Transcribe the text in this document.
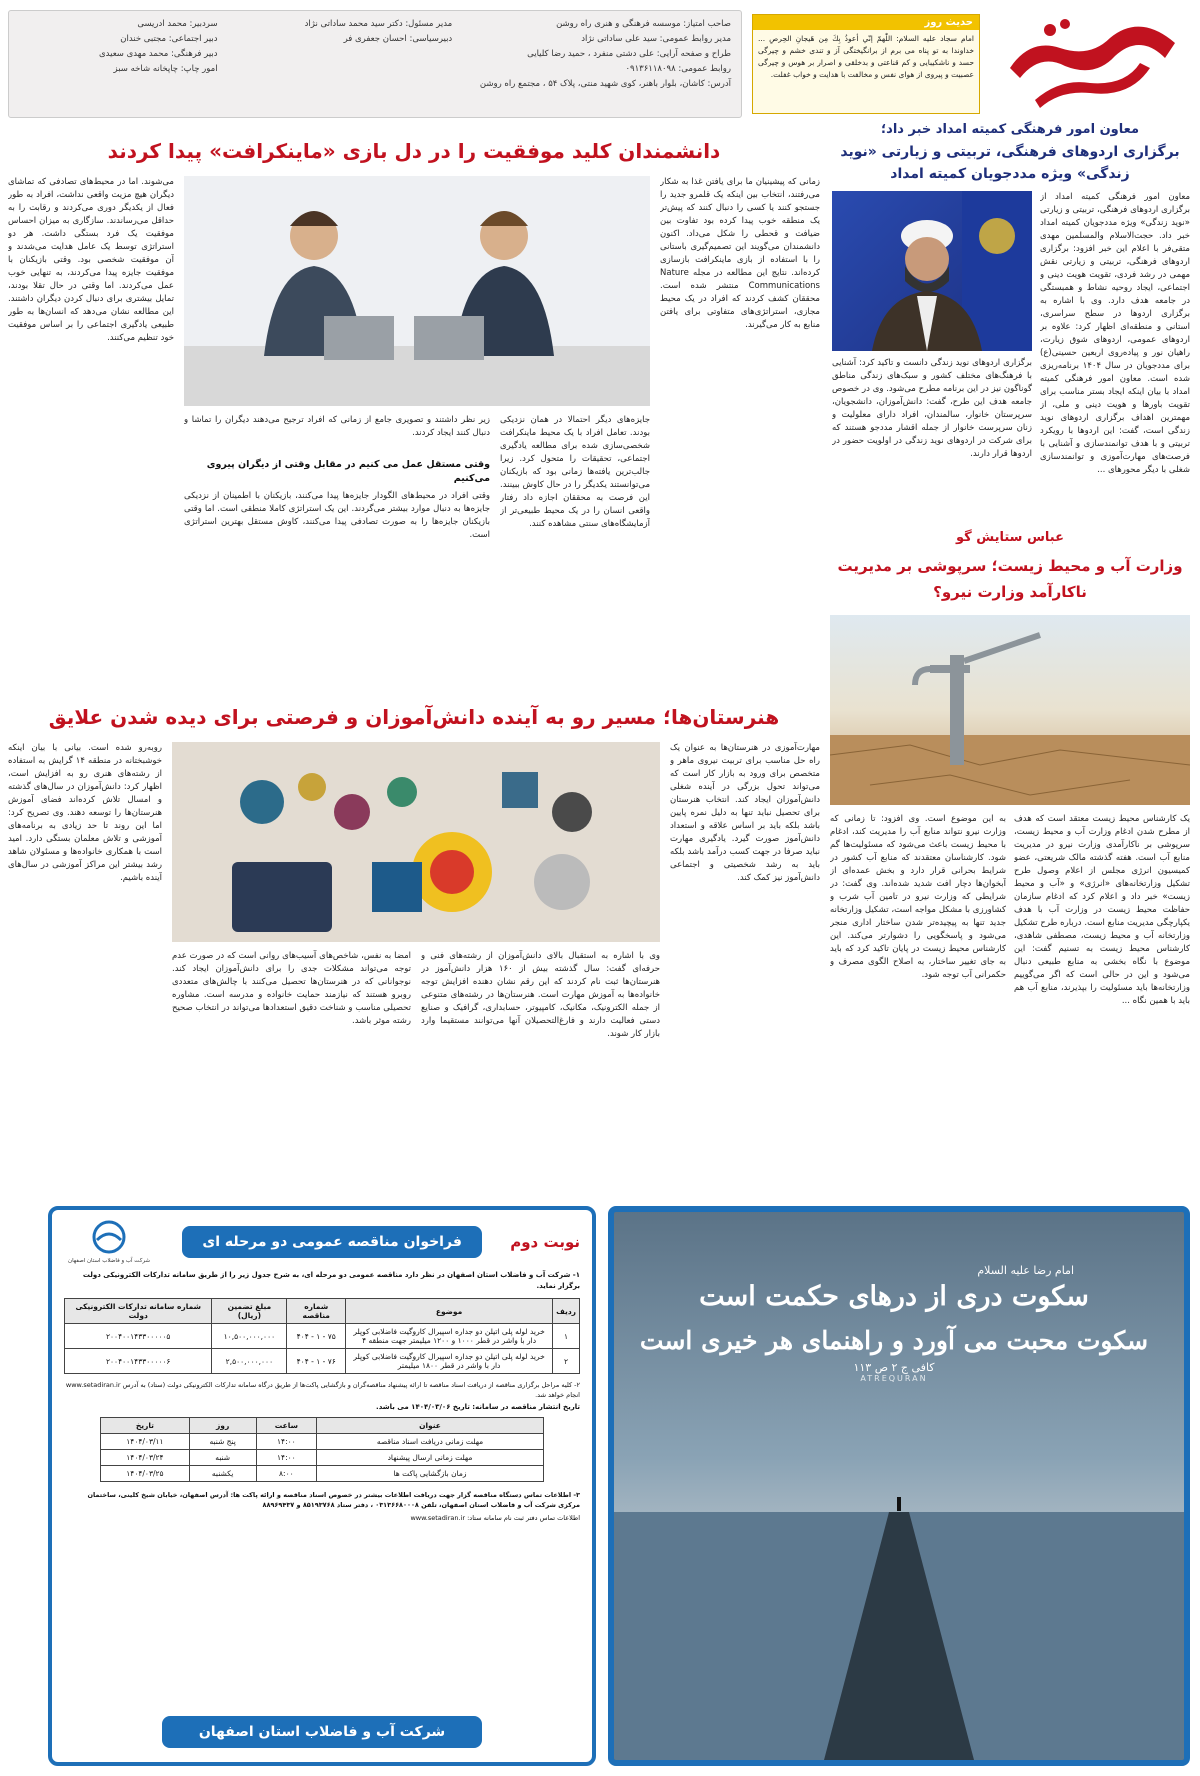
حدیث روز
امام سجاد علیه السلام: اللّٰهمّ إنّي أعوذُ بِكَ مِن هَيجانِ الحِرصِ ... خداوندا به تو پناه می برم از برانگیختگی آز و تندی خشم و چیرگی حسد و ناشکیبایی و کم قناعتی و بدخلقی و اصرار بر هوس و چیرگی عصبیت و پیروی از هوای نفس و مخالفت با هدایت و خواب غفلت.
صاحب امتیاز: موسسه فرهنگی و هنری راه روشن
مدیر روابط عمومی: سید علی ساداتی نژاد
طراح و صفحه آرایی: علی دشتی منفرد ، حمید رضا کلیایی
روابط عمومی: ۰۹۱۳۶۱۱۸۰۹۸
آدرس: کاشان، بلوار باهنر، کوی شهید منتی، پلاک ۵۴ ، مجتمع راه روشن
مدیر مسئول: دکتر سید محمد ساداتی نژاد
دبیرسیاسی: احسان جعفری فر
سردبیر: محمد ادریسی
دبیر اجتماعی: مجتبی خندان
دبیر فرهنگی: محمد مهدی سعیدی
امور چاپ: چاپخانه شاخه سبز
معاون امور فرهنگی کمیته امداد خبر داد؛
برگزاری اردوهای فرهنگی، تربیتی و زیارتی «نوید زندگی» ویژه مددجویان کمیته امداد
معاون امور فرهنگی کمیته امداد از برگزاری اردوهای فرهنگی، تربیتی و زیارتی «نوید زندگی» ویژه مددجویان کمیته امداد خبر داد. حجت‌الاسلام والمسلمین مهدی متقی‌فر با اعلام این خبر افزود: برگزاری اردوهای فرهنگی، تربیتی و زیارتی نقش مهمی در رشد فردی، تقویت هویت دینی و اجتماعی، ایجاد روحیه نشاط و همبستگی در جامعه هدف دارد. وی با اشاره به برگزاری اردوها در سطح سراسری، استانی و منطقه‌ای اظهار کرد: علاوه بر اردوهای عمومی، اردوهای شوق زیارت، راهیان نور و پیاده‌روی اربعین حسینی(ع) برای مددجویان در سال ۱۴۰۴ برنامه‌ریزی شده است. معاون امور فرهنگی کمیته امداد با بیان اینکه ایجاد بستر مناسب برای تقویت باورها و هویت دینی و ملی، از مهمترین اهداف برگزاری اردوهای نوید زندگی است، گفت: این اردوها با رویکرد تربیتی و با هدف توانمندسازی و آشنایی با فرصت‌های مهارت‌آموزی و توانمندسازی شغلی با دیگر محورهای ...
برگزاری اردوهای نوید زندگی دانست و تاکید کرد: آشنایی با فرهنگ‌های مختلف کشور و سبک‌های زندگی مناطق گوناگون نیز در این برنامه مطرح می‌شود. وی در خصوص جامعه هدف این طرح، گفت: دانش‌آموزان، دانشجویان، سرپرستان خانوار، سالمندان، افراد دارای معلولیت و زنان سرپرست خانوار از جمله اقشار مددجو هستند که برای شرکت در اردوهای نوید زندگی در اولویت حضور در اردوها قرار دارند.
عباس ستایش گو
وزارت آب و محیط زیست؛ سرپوشی بر مدیریت ناکارآمد وزارت نیرو؟
یک کارشناس محیط زیست معتقد است که هدف از مطرح شدن ادغام وزارت آب و محیط زیست، سرپوشی بر ناکارآمدی وزارت نیرو در مدیریت منابع آب است. هفته گذشته مالک شریعتی، عضو کمیسیون انرژی مجلس از اعلام وصول طرح تشکیل وزارتخانه‌های «انرژی» و «آب و محیط زیست» خبر داد و اعلام کرد که ادغام سازمان حفاظت محیط زیست در وزارت آب با هدف یکپارچگی مدیریت منابع است. درباره طرح تشکیل وزارتخانه آب و محیط زیست، مصطفی شاهدی، کارشناس محیط زیست به تسنیم گفت: این موضوع با نگاه بخشی به منابع طبیعی دنبال می‌شود و این در حالی است که اگر می‌گوییم وزارتخانه‌ها باید مسئولیت را بپذیرند، منابع آب هم باید با همین نگاه ...
به این موضوع است. وی افزود: تا زمانی که وزارت نیرو نتواند منابع آب را مدیریت کند، ادغام با محیط زیست باعث می‌شود که مسئولیت‌ها گم شود. کارشناسان معتقدند که منابع آب کشور در شرایط بحرانی قرار دارد و بخش عمده‌ای از آبخوان‌ها دچار افت شدید شده‌اند. وی گفت: در شرایطی که وزارت نیرو در تامین آب شرب و کشاورزی با مشکل مواجه است، تشکیل وزارتخانه جدید تنها به پیچیده‌تر شدن ساختار اداری منجر می‌شود و پاسخگویی را دشوارتر می‌کند. این کارشناس محیط زیست در پایان تاکید کرد که باید به جای تغییر ساختار، به اصلاح الگوی مصرف و حکمرانی آب توجه شود.
دانشمندان کلید موفقیت را در دل بازی «ماینکرافت» پیدا کردند
زمانی که پیشینیان ما برای یافتن غذا به شکار می‌رفتند، انتخاب بین اینکه یک قلمرو جدید را جستجو کنند یا کسی را دنبال کنند که پیش‌تر یک منطقه خوب پیدا کرده بود تفاوت بین ضیافت و قحطی را شکل می‌داد. اکنون دانشمندان می‌گویند این تصمیم‌گیری باستانی را با استفاده از بازی ماینکرافت بازسازی کرده‌اند. نتایج این مطالعه در مجله Nature Communications منتشر شده است. محققان کشف کردند که افراد در یک محیط مجازی، استراتژی‌های متفاوتی برای یافتن منابع به کار می‌گیرند.
جایزه‌های دیگر احتمالا در همان نزدیکی بودند. تعامل افراد با یک محیط ماینکرافت شخصی‌سازی شده برای مطالعه یادگیری اجتماعی، تحقیقات را متحول کرد. زیرا جالب‌ترین یافته‌ها زمانی بود که بازیکنان می‌توانستند یکدیگر را در حال کاوش ببینند. این فرصت به محققان اجازه داد رفتار واقعی انسان را در یک محیط طبیعی‌تر از آزمایشگاه‌های سنتی مشاهده کنند.
زیر نظر داشتند و تصویری جامع از زمانی که افراد ترجیح می‌دهند دیگران را تماشا و دنبال کنند ایجاد کردند.
وقتی مستقل عمل می کنیم در مقابل وقتی از دیگران پیروی می‌کنیم
وقتی افراد در محیط‌های الگودار جایزه‌ها پیدا می‌کنند، بازیکنان با اطمینان از نزدیکی جایزه‌ها به دنبال موارد بیشتر می‌گردند. این یک استراتژی کاملا منطقی است. اما وقتی بازیکنان جایزه‌ها را به صورت تصادفی پیدا می‌کنند، کاوش مستقل بهترین استراتژی است.
می‌شوند. اما در محیط‌های تصادفی که تماشای دیگران هیچ مزیت واقعی نداشت، افراد به طور فعال از یکدیگر دوری می‌کردند و رقابت را به حداقل می‌رساندند. سازگاری به میزان احساس موفقیت یک فرد بستگی داشت. هر دو استراتژی توسط یک عامل هدایت می‌شدند و آن موفقیت شخصی بود. وقتی بازیکنان با موفقیت جایزه پیدا می‌کردند، به تنهایی خوب عمل می‌کردند. اما وقتی در حال تقلا بودند، تمایل بیشتری برای دنبال کردن دیگران داشتند. این مطالعه نشان می‌دهد که انسان‌ها به طور طبیعی یادگیری اجتماعی را بر اساس موفقیت خود تنظیم می‌کنند.
هنرستان‌ها؛ مسیر رو به آینده دانش‌آموزان و فرصتی برای دیده شدن علایق
مهارت‌آموزی در هنرستان‌ها به عنوان یک راه حل مناسب برای تربیت نیروی ماهر و متخصص برای ورود به بازار کار است که می‌تواند تحول بزرگی در آینده شغلی دانش‌آموزان ایجاد کند. انتخاب هنرستان برای تحصیل نباید تنها به دلیل نمره پایین باشد بلکه باید بر اساس علاقه و استعداد دانش‌آموز صورت گیرد. یادگیری مهارت نباید صرفا در جهت کسب درآمد باشد بلکه باید به رشد شخصیتی و اجتماعی دانش‌آموز نیز کمک کند.
وی با اشاره به استقبال بالای دانش‌آموزان از رشته‌های فنی و حرفه‌ای گفت: سال گذشته بیش از ۱۶۰ هزار دانش‌آموز در هنرستان‌ها ثبت نام کردند که این رقم نشان دهنده افزایش توجه خانواده‌ها به آموزش مهارت است. هنرستان‌ها در رشته‌های متنوعی از جمله الکترونیک، مکانیک، کامپیوتر، حسابداری، گرافیک و صنایع دستی فعالیت دارند و فارغ‌التحصیلان آنها می‌توانند مستقیما وارد بازار کار شوند.
امضا به نفس، شاخص‌های آسیب‌های روانی است که در صورت عدم توجه می‌تواند مشکلات جدی را برای دانش‌آموزان ایجاد کند. نوجوانانی که در هنرستان‌ها تحصیل می‌کنند با چالش‌های متعددی روبرو هستند که نیازمند حمایت خانواده و مدرسه است. مشاوره تحصیلی مناسب و شناخت دقیق استعدادها می‌تواند در انتخاب صحیح رشته موثر باشد.
روبه‌رو شده است. بیانی با بیان اینکه خوشبختانه در منطقه ۱۴ گرایش به استفاده از رشته‌های هنری رو به افزایش است، اظهار کرد: دانش‌آموزان در سال‌های گذشته و امسال تلاش کرده‌اند فضای آموزش هنرستان‌ها را توسعه دهند. وی تصریح کرد: اما این روند تا حد زیادی به برنامه‌های آموزشی و تلاش معلمان بستگی دارد. امید است با همکاری خانواده‌ها و مسئولان شاهد رشد بیشتر این مراکز آموزشی در سال‌های آینده باشیم.
امام رضا علیه السلام
سکوت دری از درهای حکمت است
سکوت محبت می آورد و راهنمای هر خیری است
کافی ج ۲ ص ۱۱۳
ATREQURAN
نوبت دوم
فراخوان مناقصه عمومی دو مرحله ای
شرکت آب و فاضلاب استان اصفهان
۱- شرکت آب و فاضلاب استان اصفهان در نظر دارد مناقصه عمومی دو مرحله ای، به شرح جدول زیر را از طریق سامانه تدارکات الکترونیکی دولت برگزار نماید.
ردیف	موضوع	شماره مناقصه	مبلغ تضمین (ریال)	شماره سامانه تدارکات الکترونیکی دولت
۱	خرید لوله پلی اتیلن دو جداره اسپیرال کاروگیت فاضلابی کوپلر دار با واشر در قطر ۱۰۰۰ و ۱۲۰۰ میلیمتر جهت منطقه ۴	۷۵ - ۱ - ۴۰۴	۱۰,۵۰۰,۰۰۰,۰۰۰	۲۰۰۴۰۰۱۴۳۳۰۰۰۰۰۵
۲	خرید لوله پلی اتیلن دو جداره اسپیرال کاروگیت فاضلابی کوپلر دار با واشر در قطر ۱۸۰۰ میلیمتر	۷۶ - ۱ - ۴۰۴	۲,۵۰۰,۰۰۰,۰۰۰	۲۰۰۴۰۰۱۴۳۳۰۰۰۰۰۶
۲- کلیه مراحل برگزاری مناقصه از دریافت اسناد مناقصه تا ارائه پیشنهاد مناقصه‌گران و بازگشایی پاکت‌ها از طریق درگاه سامانه تدارکات الکترونیکی دولت (ستاد) به آدرس www.setadiran.ir انجام خواهد شد.
تاریخ انتشار مناقصه در سامانه: تاریخ ۱۴۰۴/۰۳/۰۶ می باشد.
عنوان	ساعت	روز	تاریخ
مهلت زمانی دریافت اسناد مناقصه	۱۴:۰۰	پنج شنبه	۱۴۰۴/۰۳/۱۱
مهلت زمانی ارسال پیشنهاد	۱۴:۰۰	شنبه	۱۴۰۴/۰۳/۲۴
زمان بازگشایی پاکت ها	۸:۰۰	یکشنبه	۱۴۰۴/۰۳/۲۵
۳- اطلاعات تماس دستگاه مناقصه گزار جهت دریافت اطلاعات بیشتر در خصوص اسناد مناقصه و ارائه پاکت ها: آدرس اصفهان، خیابان شیخ کلینی، ساختمان مرکزی شرکت آب و فاضلاب استان اصفهان، تلفن ۰۳۱۳۶۶۸۰۰۰۸ ، دفتر ستاد ۸۵۱۹۳۷۶۸ و ۸۸۹۶۹۴۳۷
اطلاعات تماس دفتر ثبت نام سامانه ستاد: www.setadiran.ir
شرکت آب و فاضلاب استان اصفهان
